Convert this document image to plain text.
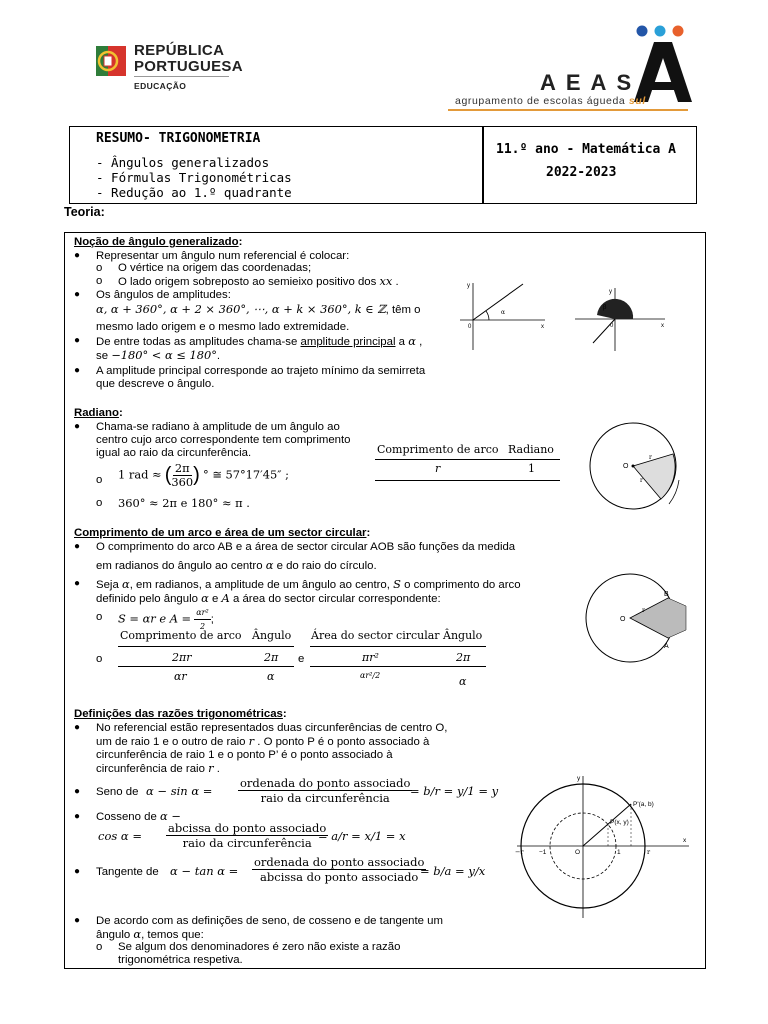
REPÚBLICA
PORTUGUESA
EDUCAÇÃO	AEAS
agrupamento de escolas águeda sul
RESUMO- TRIGONOMETRIA
- Ângulos generalizados
- Fórmulas Trigonométricas
- Redução ao 1.º quadrante
11.º ano - Matemática A
2022-2023
Teoria:
Noção de ângulo generalizado:
● Representar um ângulo num referencial é colocar:
o O vértice na origem das coordenadas;
o O lado origem sobreposto ao semieixo positivo dos xx .
● Os ângulos de amplitudes:
α, α + 360°, α + 2 × 360°, ⋯, α + k × 360°, k ∈ ℤ, têm o
mesmo lado origem e o mesmo lado extremidade.
● De entre todas as amplitudes chama-se amplitude principal a α ,
se −180° < α ≤ 180°.
● A amplitude principal corresponde ao trajeto mínimo da semirreta que descreve o ângulo.
0	x
y
α
β
0	x
y
Radiano:
● Chama-se radiano à amplitude de um ângulo ao centro cujo arco correspondente tem comprimento igual ao raio da circunferência.
o 1 rad ≈ ( $\frac{2\pi}{360}$ ) ° ≅ 57°17′45″ ;
o 360° ≈ 2π e 180° ≈ π .
Comprimento de arco Radiano
r	1	O
r
r
Comprimento de um arco e área de um sector circular:
● O comprimento do arco AB e a área de sector circular AOB são funções da medida
em radianos do ângulo ao centro α e do raio do círculo.
● Seja α, em radianos, a amplitude de um ângulo ao centro, S o comprimento do arco
definido pelo ângulo α e A a área do sector circular correspondente:
o S = αr e $A = \frac{\text{αr²}}{2}$ ;
o
Comprimento de arco Ângulo
2πr	2π
αr	α
e
Área do sector circular Ângulo
πr²	2π
αr²/2	α
O
A
B
r
Definições das razões trigonométricas:
● No referencial estão representados duas circunferências de centro O, um de raio 1 e o outro de raio r . O ponto P é o ponto associado à circunferência de raio 1 e o ponto P’ é o ponto associado à circunferência de raio r .
● Seno de $\alpha - \sin \alpha = \frac{\text{ordenada do ponto associado}}{\text{raio da circunferência}}$
= b/r = y/1 = y
● Cosseno de α −
$\cos \alpha = \frac{\text{abcissa do ponto associado}}{\text{raio da circunferência}}$
= a/r = x/1 = x
● Tangente de $\alpha - \tan \alpha = \frac{\text{ordenada do ponto associado}}{\text{abcissa do ponto associado}}$
= b/a = y/x
● De acordo com as definições de seno, de cosseno e de tangente um ângulo α, temos que:
o Se algum dos denominadores é zero não existe a razão trigonométrica respetiva.
P'(a, b)
P(x, y)
O
x
y
1
−1	r
−r
